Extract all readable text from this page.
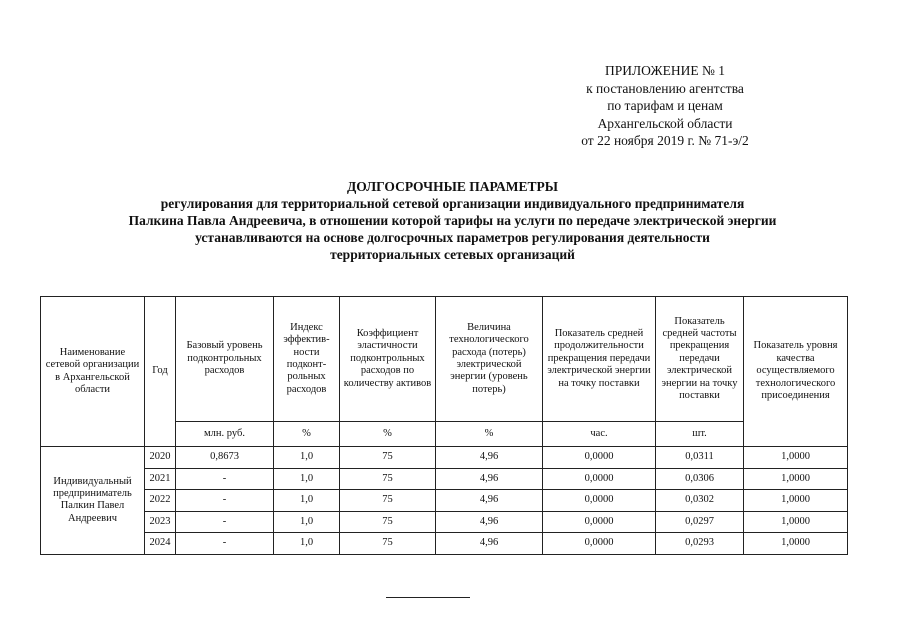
ПРИЛОЖЕНИЕ № 1
к постановлению агентства
по тарифам и ценам
Архангельской области
от 22 ноября 2019 г. № 71-э/2
ДОЛГОСРОЧНЫЕ ПАРАМЕТРЫ
регулирования для территориальной сетевой организации индивидуального предпринимателя
Палкина Павла Андреевича, в отношении которой тарифы на услуги по передаче электрической энергии
устанавливаются на основе долгосрочных параметров регулирования деятельности
территориальных сетевых организаций
Наименование сетевой организации в Архангельской области	Год	Базовый уровень подконтрольных расходов	Индекс эффектив-ности подконт-рольных расходов	Коэффициент эластичности подконтрольных расходов по количеству активов	Величина технологического расхода (потерь) электрической энергии (уровень потерь)	Показатель средней продолжительности прекращения передачи электрической энергии на точку поставки	Показатель средней частоты прекращения передачи электрической энергии на точку поставки	Показатель уровня качества осуществляемого технологического присоединения
		млн. руб.	%	%	%	час.	шт.	
Индивидуальный предприниматель Палкин Павел Андреевич	2020	0,8673	1,0	75	4,96	0,0000	0,0311	1,0000
	2021	-	1,0	75	4,96	0,0000	0,0306	1,0000
	2022	-	1,0	75	4,96	0,0000	0,0302	1,0000
	2023	-	1,0	75	4,96	0,0000	0,0297	1,0000
	2024	-	1,0	75	4,96	0,0000	0,0293	1,0000
